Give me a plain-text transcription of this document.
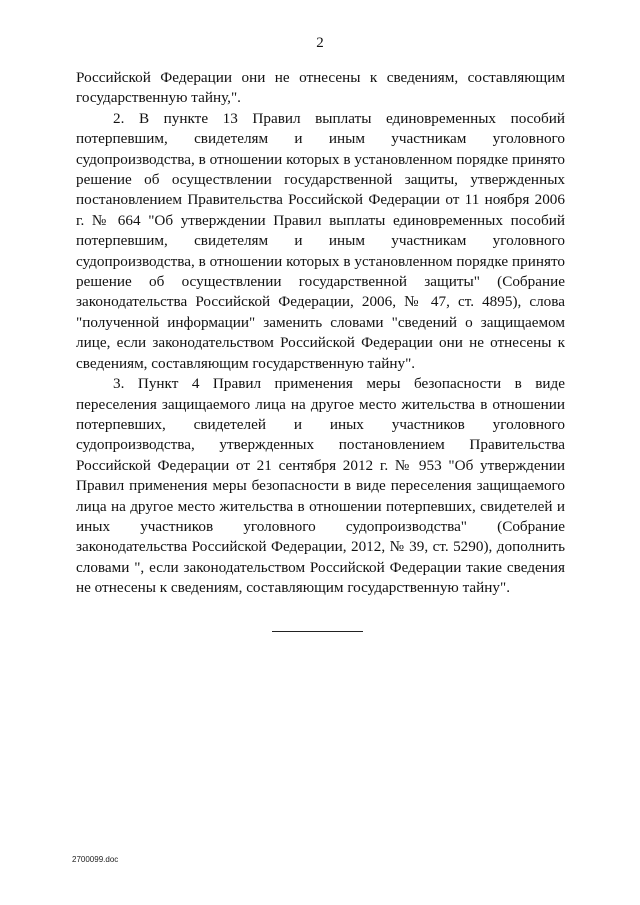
2

Российской Федерации они не отнесены к сведениям, составляющим государственную тайну,".

2. В пункте 13 Правил выплаты единовременных пособий потерпевшим, свидетелям и иным участникам уголовного судопроизводства, в отношении которых в установленном порядке принято решение об осуществлении государственной защиты, утвержденных постановлением Правительства Российской Федерации от 11 ноября 2006 г. № 664 "Об утверждении Правил выплаты единовременных пособий потерпевшим, свидетелям и иным участникам уголовного судопроизводства, в отношении которых в установленном порядке принято решение об осуществлении государственной защиты" (Собрание законодательства Российской Федерации, 2006, № 47, ст. 4895), слова "полученной информации" заменить словами "сведений о защищаемом лице, если законодательством Российской Федерации они не отнесены к сведениям, составляющим государственную тайну".

3. Пункт 4 Правил применения меры безопасности в виде переселения защищаемого лица на другое место жительства в отношении потерпевших, свидетелей и иных участников уголовного судопроизводства, утвержденных постановлением Правительства Российской Федерации от 21 сентября 2012 г. № 953 "Об утверждении Правил применения меры безопасности в виде переселения защищаемого лица на другое место жительства в отношении потерпевших, свидетелей и иных участников уголовного судопроизводства" (Собрание законодательства Российской Федерации, 2012, № 39, ст. 5290), дополнить словами ", если законодательством Российской Федерации такие сведения не отнесены к сведениям, составляющим государственную тайну".

2700099.doc
